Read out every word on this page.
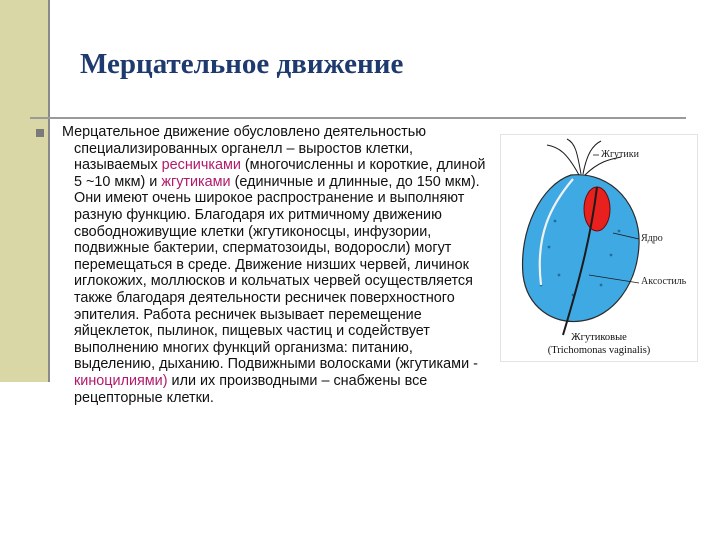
Мерцательное движение
Мерцательное движение обусловлено деятельностью специализированных органелл – выростов клетки, называемых ресничками (многочисленны и короткие, длиной 5 ~10 мкм) и жгутиками (единичные и длинные, до 150 мкм). Они имеют очень широкое распространение и выполняют разную функцию. Благодаря их ритмичному движению свободноживущие клетки (жгутиконосцы, инфузории, подвижные бактерии, сперматозоиды, водоросли) могут перемещаться в среде. Движение низших червей, личинок иглокожих, моллюсков и кольчатых червей осуществляется также благодаря деятельности ресничек поверхностного эпителия. Работа ресничек вызывает перемещение яйцеклеток, пылинок, пищевых частиц и содействует выполнению многих функций организма: питанию, выделению, дыханию. Подвижными волосками (жгутиками - киноцилиями) или их производными – снабжены все рецепторные клетки.
Жгутики
Ядро
Аксостиль
Жгутиковые
(Trichomonas vaginalis)
